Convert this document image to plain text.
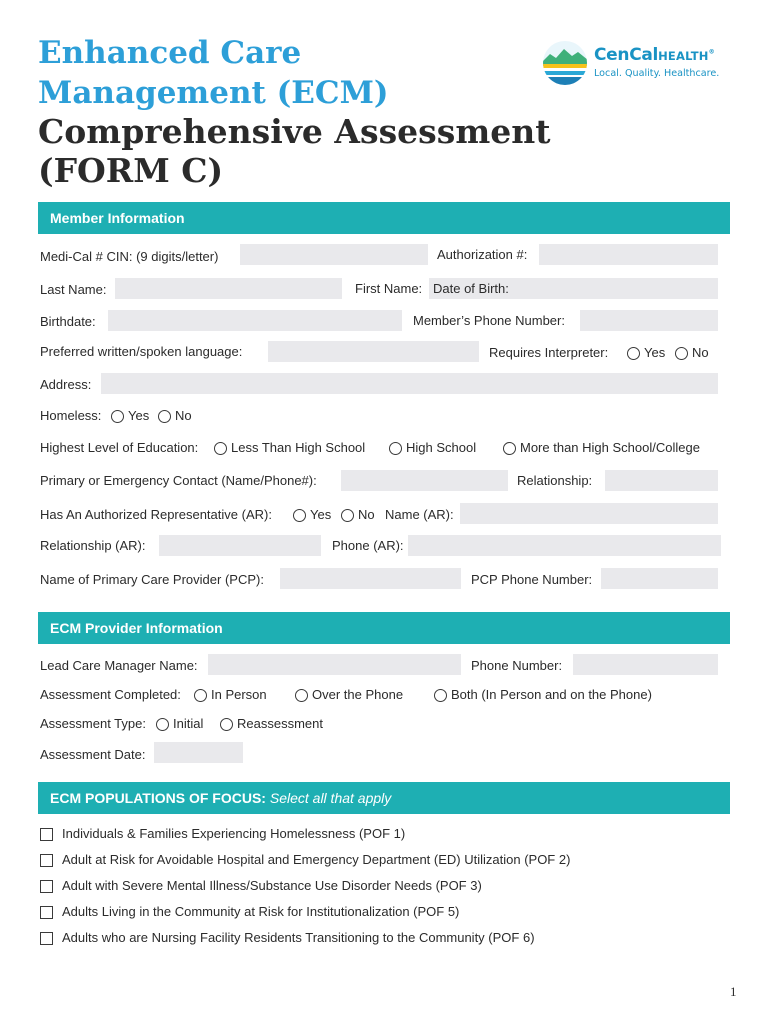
Enhanced Care
Management (ECM)
Comprehensive Assessment
(FORM C)
CenCalHEALTH®
Local. Quality. Healthcare.
Member Information
Medi-Cal # CIN: (9 digits/letter)	Authorization #:
Last Name:	First Name: Date of Birth:
Birthdate:	Member’s Phone Number:
Preferred written/spoken language:	Requires Interpreter:	Yes No
Address:
Homeless: Yes No
Highest Level of Education:	Less Than High School	High School	More than High School/College
Primary or Emergency Contact (Name/Phone#):	Relationship:
Has An Authorized Representative (AR):	Yes No Name (AR):
Relationship (AR):	Phone (AR):
Name of Primary Care Provider (PCP):	PCP Phone Number:
ECM Provider Information
Lead Care Manager Name:	Phone Number:
Assessment Completed: In Person	Over the Phone	Both (In Person and on the Phone)
Assessment Type: Initial	Reassessment
Assessment Date:
ECM POPULATIONS OF FOCUS: Select all that apply
Individuals & Families Experiencing Homelessness (POF 1)
Adult at Risk for Avoidable Hospital and Emergency Department (ED) Utilization (POF 2)
Adult with Severe Mental Illness/Substance Use Disorder Needs (POF 3)
Adults Living in the Community at Risk for Institutionalization (POF 5)
Adults who are Nursing Facility Residents Transitioning to the Community (POF 6)
1
